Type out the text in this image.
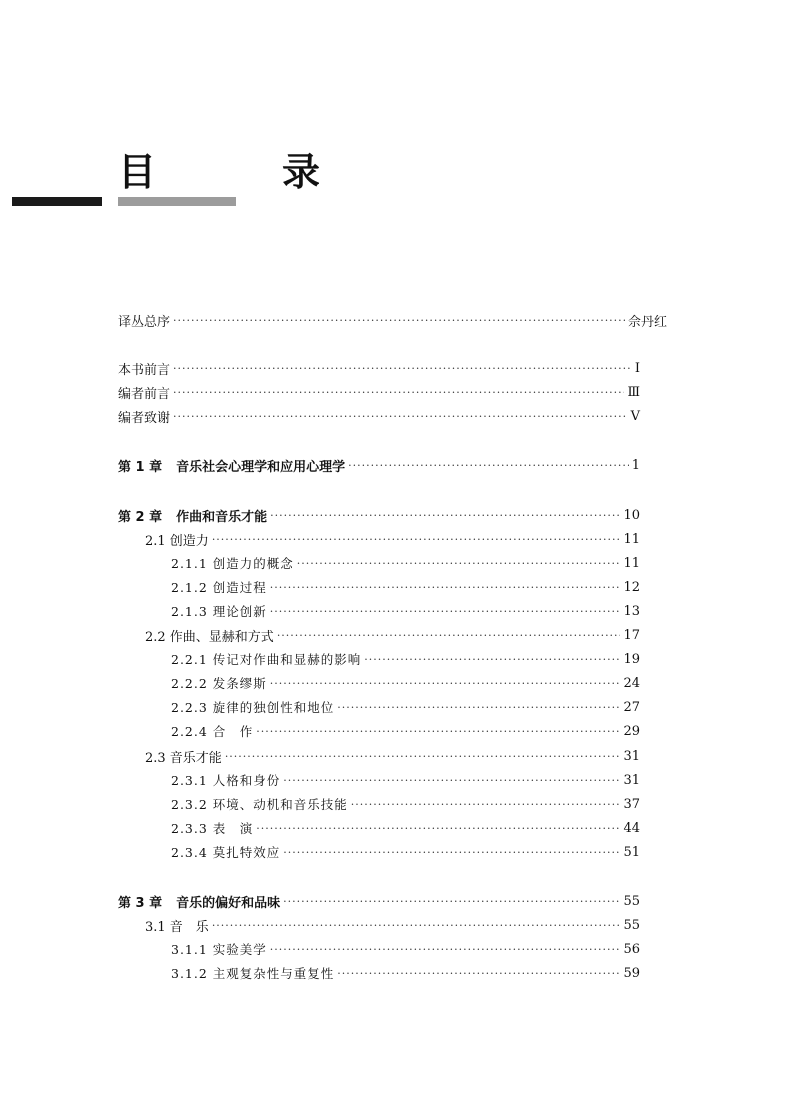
目　录
译丛总序 ·····	佘丹红
本书前言 ·····	Ⅰ
编者前言 ·····	Ⅲ
编者致谢 ·····	Ⅴ
第 1 章 音乐社会心理学和应用心理学 ·····	1
第 2 章 作曲和音乐才能 ·····	10
2.1 创造力 ·····	11
2.1.1 创造力的概念 ·····	11
2.1.2 创造过程 ·····	12
2.1.3 理论创新 ·····	13
2.2 作曲、显赫和方式 ·····	17
2.2.1 传记对作曲和显赫的影响 ·····	19
2.2.2 发条缪斯 ·····	24
2.2.3 旋律的独创性和地位 ·····	27
2.2.4 合　作 ·····	29
2.3 音乐才能 ·····	31
2.3.1 人格和身份 ·····	31
2.3.2 环境、动机和音乐技能 ·····	37
2.3.3 表　演 ·····	44
2.3.4 莫扎特效应 ·····	51
第 3 章 音乐的偏好和品味 ·····	55
3.1 音　乐 ·····	55
3.1.1 实验美学 ·····	56
3.1.2 主观复杂性与重复性 ·····	59
